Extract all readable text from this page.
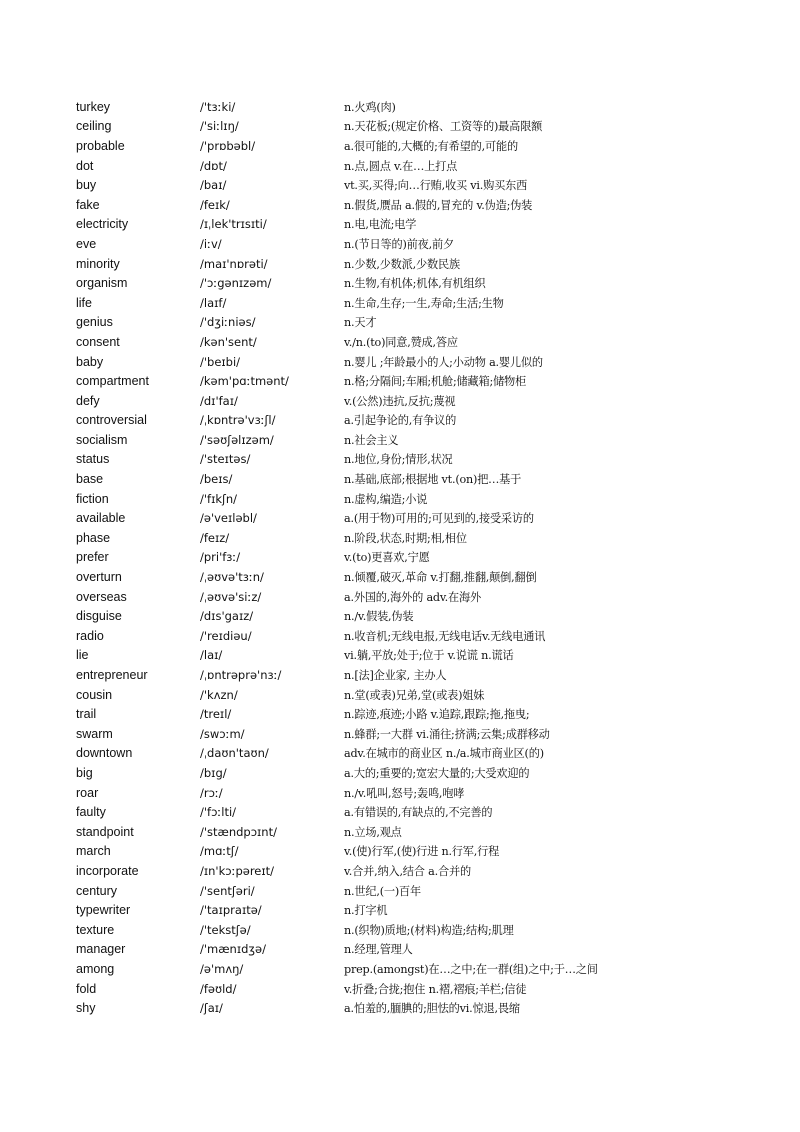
turkey	/'tɜːki/	n.火鸡(肉)
ceiling	/'siːlɪŋ/	n.天花板;(规定价格、工资等的)最高限额
probable	/'prɒbəbl/	a.很可能的,大概的;有希望的,可能的
dot	/dɒt/	n.点,圆点 v.在…上打点
buy	/baɪ/	vt.买,买得;向…行贿,收买 vi.购买东西
fake	/feɪk/	n.假货,赝品 a.假的,冒充的 v.伪造;伪装
electricity	/ɪˌlek'trɪsɪti/	n.电,电流;电学
eve	/iːv/	n.(节日等的)前夜,前夕
minority	/maɪ'nɒrəti/	n.少数,少数派,少数民族
organism	/'ɔːgənɪzəm/	n.生物,有机体;机体,有机组织
life	/laɪf/	n.生命,生存;一生,寿命;生活;生物
genius	/'dʒiːniəs/	n.天才
consent	/kən'sent/	v./n.(to)同意,赞成,答应
baby	/'beɪbi/	n.婴儿 ;年龄最小的人;小动物 a.婴儿似的
compartment	/kəm'pɑːtmənt/	n.格;分隔间;车厢;机舱;储藏箱;储物柜
defy	/dɪ'faɪ/	v.(公然)违抗,反抗;蔑视
controversial	/ˌkɒntrə'vɜːʃl/	a.引起争论的,有争议的
socialism	/'səʊʃəlɪzəm/	n.社会主义
status	/'steɪtəs/	n.地位,身份;情形,状况
base	/beɪs/	n.基础,底部;根据地 vt.(on)把…基于
fiction	/'fɪkʃn/	n.虚构,编造;小说
available	/ə'veɪləbl/	a.(用于物)可用的;可见到的,接受采访的
phase	/feɪz/	n.阶段,状态,时期;相,相位
prefer	/pri'fɜː/	v.(to)更喜欢,宁愿
overturn	/ˌəʊvə'tɜːn/	n.倾覆,破灭,革命 v.打翻,推翻,颠倒,翻倒
overseas	/ˌəʊvə'siːz/	a.外国的,海外的 adv.在海外
disguise	/dɪs'gaɪz/	n./v.假装,伪装
radio	/'reɪdiəu/	n.收音机;无线电报,无线电话v.无线电通讯
lie	/laɪ/	vi.躺,平放;处于;位于 v.说谎 n.谎话
entrepreneur	/ˌɒntrəprə'nɜː/	n.[法]企业家, 主办人
cousin	/'kʌzn/	n.堂(或表)兄弟,堂(或表)姐妹
trail	/treɪl/	n.踪迹,痕迹;小路 v.追踪,跟踪;拖,拖曳;
swarm	/swɔːm/	n.蜂群;一大群 vi.涌往;挤满;云集;成群移动
downtown	/ˌdaʊn'taʊn/	adv.在城市的商业区 n./a.城市商业区(的)
big	/bɪg/	a.大的;重要的;宽宏大量的;大受欢迎的
roar	/rɔː/	n./v.吼叫,怒号;轰鸣,咆哮
faulty	/'fɔːlti/	a.有错误的,有缺点的,不完善的
standpoint	/'stændpɔɪnt/	n.立场,观点
march	/mɑːtʃ/	v.(使)行军,(使)行进 n.行军,行程
incorporate	/ɪn'kɔːpəreɪt/	v.合并,纳入,结合 a.合并的
century	/'sentʃəri/	n.世纪,(一)百年
typewriter	/'taɪpraɪtə/	n.打字机
texture	/'tekstʃə/	n.(织物)质地;(材料)构造;结构;肌理
manager	/'mænɪdʒə/	n.经理,管理人
among	/ə'mʌŋ/	prep.(amongst)在…之中;在一群(组)之中;于…之间
fold	/fəʊld/	v.折叠;合拢;抱住 n.褶,褶痕;羊栏;信徒
shy	/ʃaɪ/	a.怕羞的,腼腆的;胆怯的vi.惊退,畏缩
